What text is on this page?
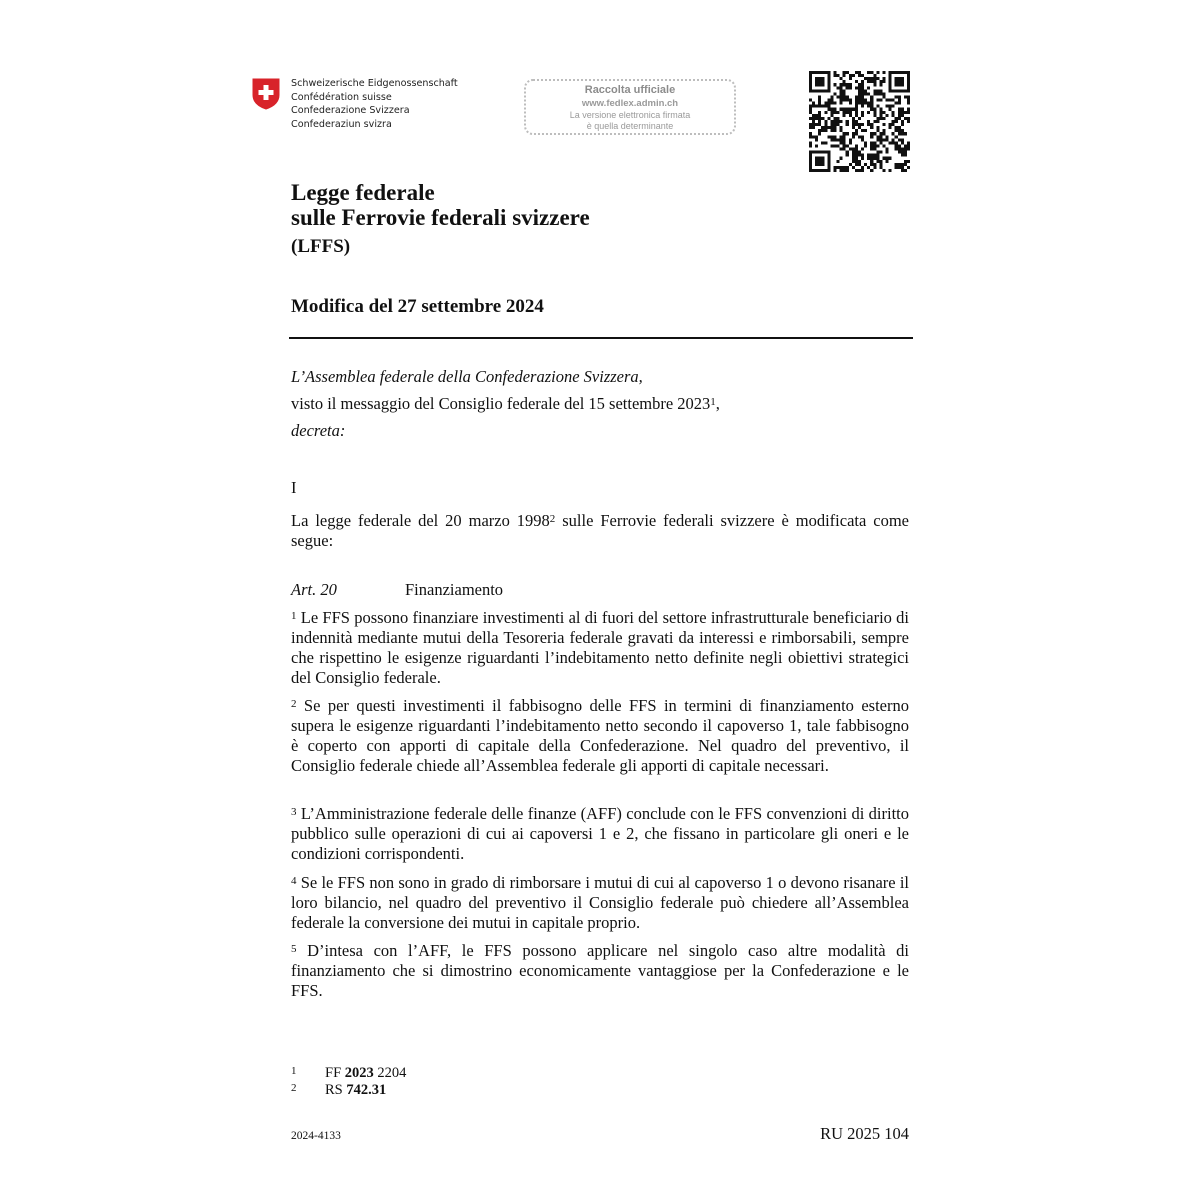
Schweizerische Eidgenossenschaft
Confédération suisse
Confederazione Svizzera
Confederaziun svizra
Raccolta ufficiale
www.fedlex.admin.ch
La versione elettronica firmata
è quella determinante
Legge federale
sulle Ferrovie federali svizzere
(LFFS)
Modifica del 27 settembre 2024
L’Assemblea federale della Confederazione Svizzera,
visto il messaggio del Consiglio federale del 15 settembre 2023$^1$,
decreta:
I
La legge federale del 20 marzo 1998$^2$ sulle Ferrovie federali svizzere è modificata come segue:
Art. 20	Finanziamento
$^1$ Le FFS possono finanziare investimenti al di fuori del settore infrastrutturale beneficiario di indennità mediante mutui della Tesoreria federale gravati da interessi e rimborsabili, sempre che rispettino le esigenze riguardanti l’indebitamento netto definite negli obiettivi strategici del Consiglio federale.
$^2$ Se per questi investimenti il fabbisogno delle FFS in termini di finanziamento esterno supera le esigenze riguardanti l’indebitamento netto secondo il capoverso 1, tale fabbisogno è coperto con apporti di capitale della Confederazione. Nel quadro del preventivo, il Consiglio federale chiede all’Assemblea federale gli apporti di capitale necessari.
$^3$ L’Amministrazione federale delle finanze (AFF) conclude con le FFS convenzioni di diritto pubblico sulle operazioni di cui ai capoversi 1 e 2, che fissano in particolare gli oneri e le condizioni corrispondenti.
$^4$ Se le FFS non sono in grado di rimborsare i mutui di cui al capoverso 1 o devono risanare il loro bilancio, nel quadro del preventivo il Consiglio federale può chiedere all’Assemblea federale la conversione dei mutui in capitale proprio.
$^5$ D’intesa con l’AFF, le FFS possono applicare nel singolo caso altre modalità di finanziamento che si dimostrino economicamente vantaggiose per la Confederazione e le FFS.
1 FF 2023 2204
2 RS 742.31
2024-4133	RU 2025 104
